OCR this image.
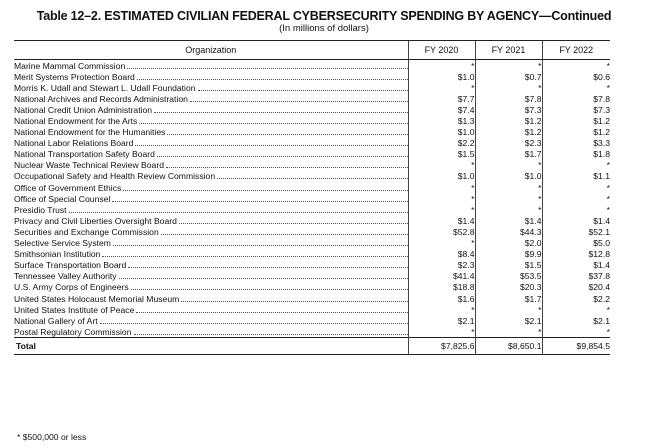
Table 12–2. ESTIMATED CIVILIAN FEDERAL CYBERSECURITY SPENDING BY AGENCY—Continued
(In millions of dollars)
Organization	FY 2020	FY 2021	FY 2022

Marine Mammal Commission	*	*	*

Merit Systems Protection Board	$1.0	$0.7	$0.6

Morris K. Udall and Stewart L. Udall Foundation	*	*	*

National Archives and Records Administration	$7.7	$7.8	$7.8

National Credit Union Administration	$7.4	$7.3	$7.3

National Endowment for the Arts	$1.3	$1.2	$1.2

National Endowment for the Humanities	$1.0	$1.2	$1.2

National Labor Relations Board	$2.2	$2.3	$3.3

National Transportation Safety Board	$1.5	$1.7	$1.8

Nuclear Waste Technical Review Board	*	*	*

Occupational Safety and Health Review Commission	$1.0	$1.0	$1.1

Office of Government Ethics	*	*	*

Office of Special Counsel	*	*	*

Presidio Trust	*	*	*

Privacy and Civil Liberties Oversight Board	$1.4	$1.4	$1.4

Securities and Exchange Commission	$52.8	$44.3	$52.1

Selective Service System	*	$2.0	$5.0

Smithsonian Institution	$8.4	$9.9	$12.8

Surface Transportation Board	$2.3	$1.5	$1.4

Tennessee Valley Authority	$41.4	$53.5	$37.8

U.S. Army Corps of Engineers	$18.8	$20.3	$20.4

United States Holocaust Memorial Museum	$1.6	$1.7	$2.2

United States Institute of Peace	*	*	*

National Gallery of Art	$2.1	$2.1	$2.1

Postal Regulatory Commission	*	*	*
Total	$7,825.6	$8,650.1	$9,854.5
* $500,000 or less
